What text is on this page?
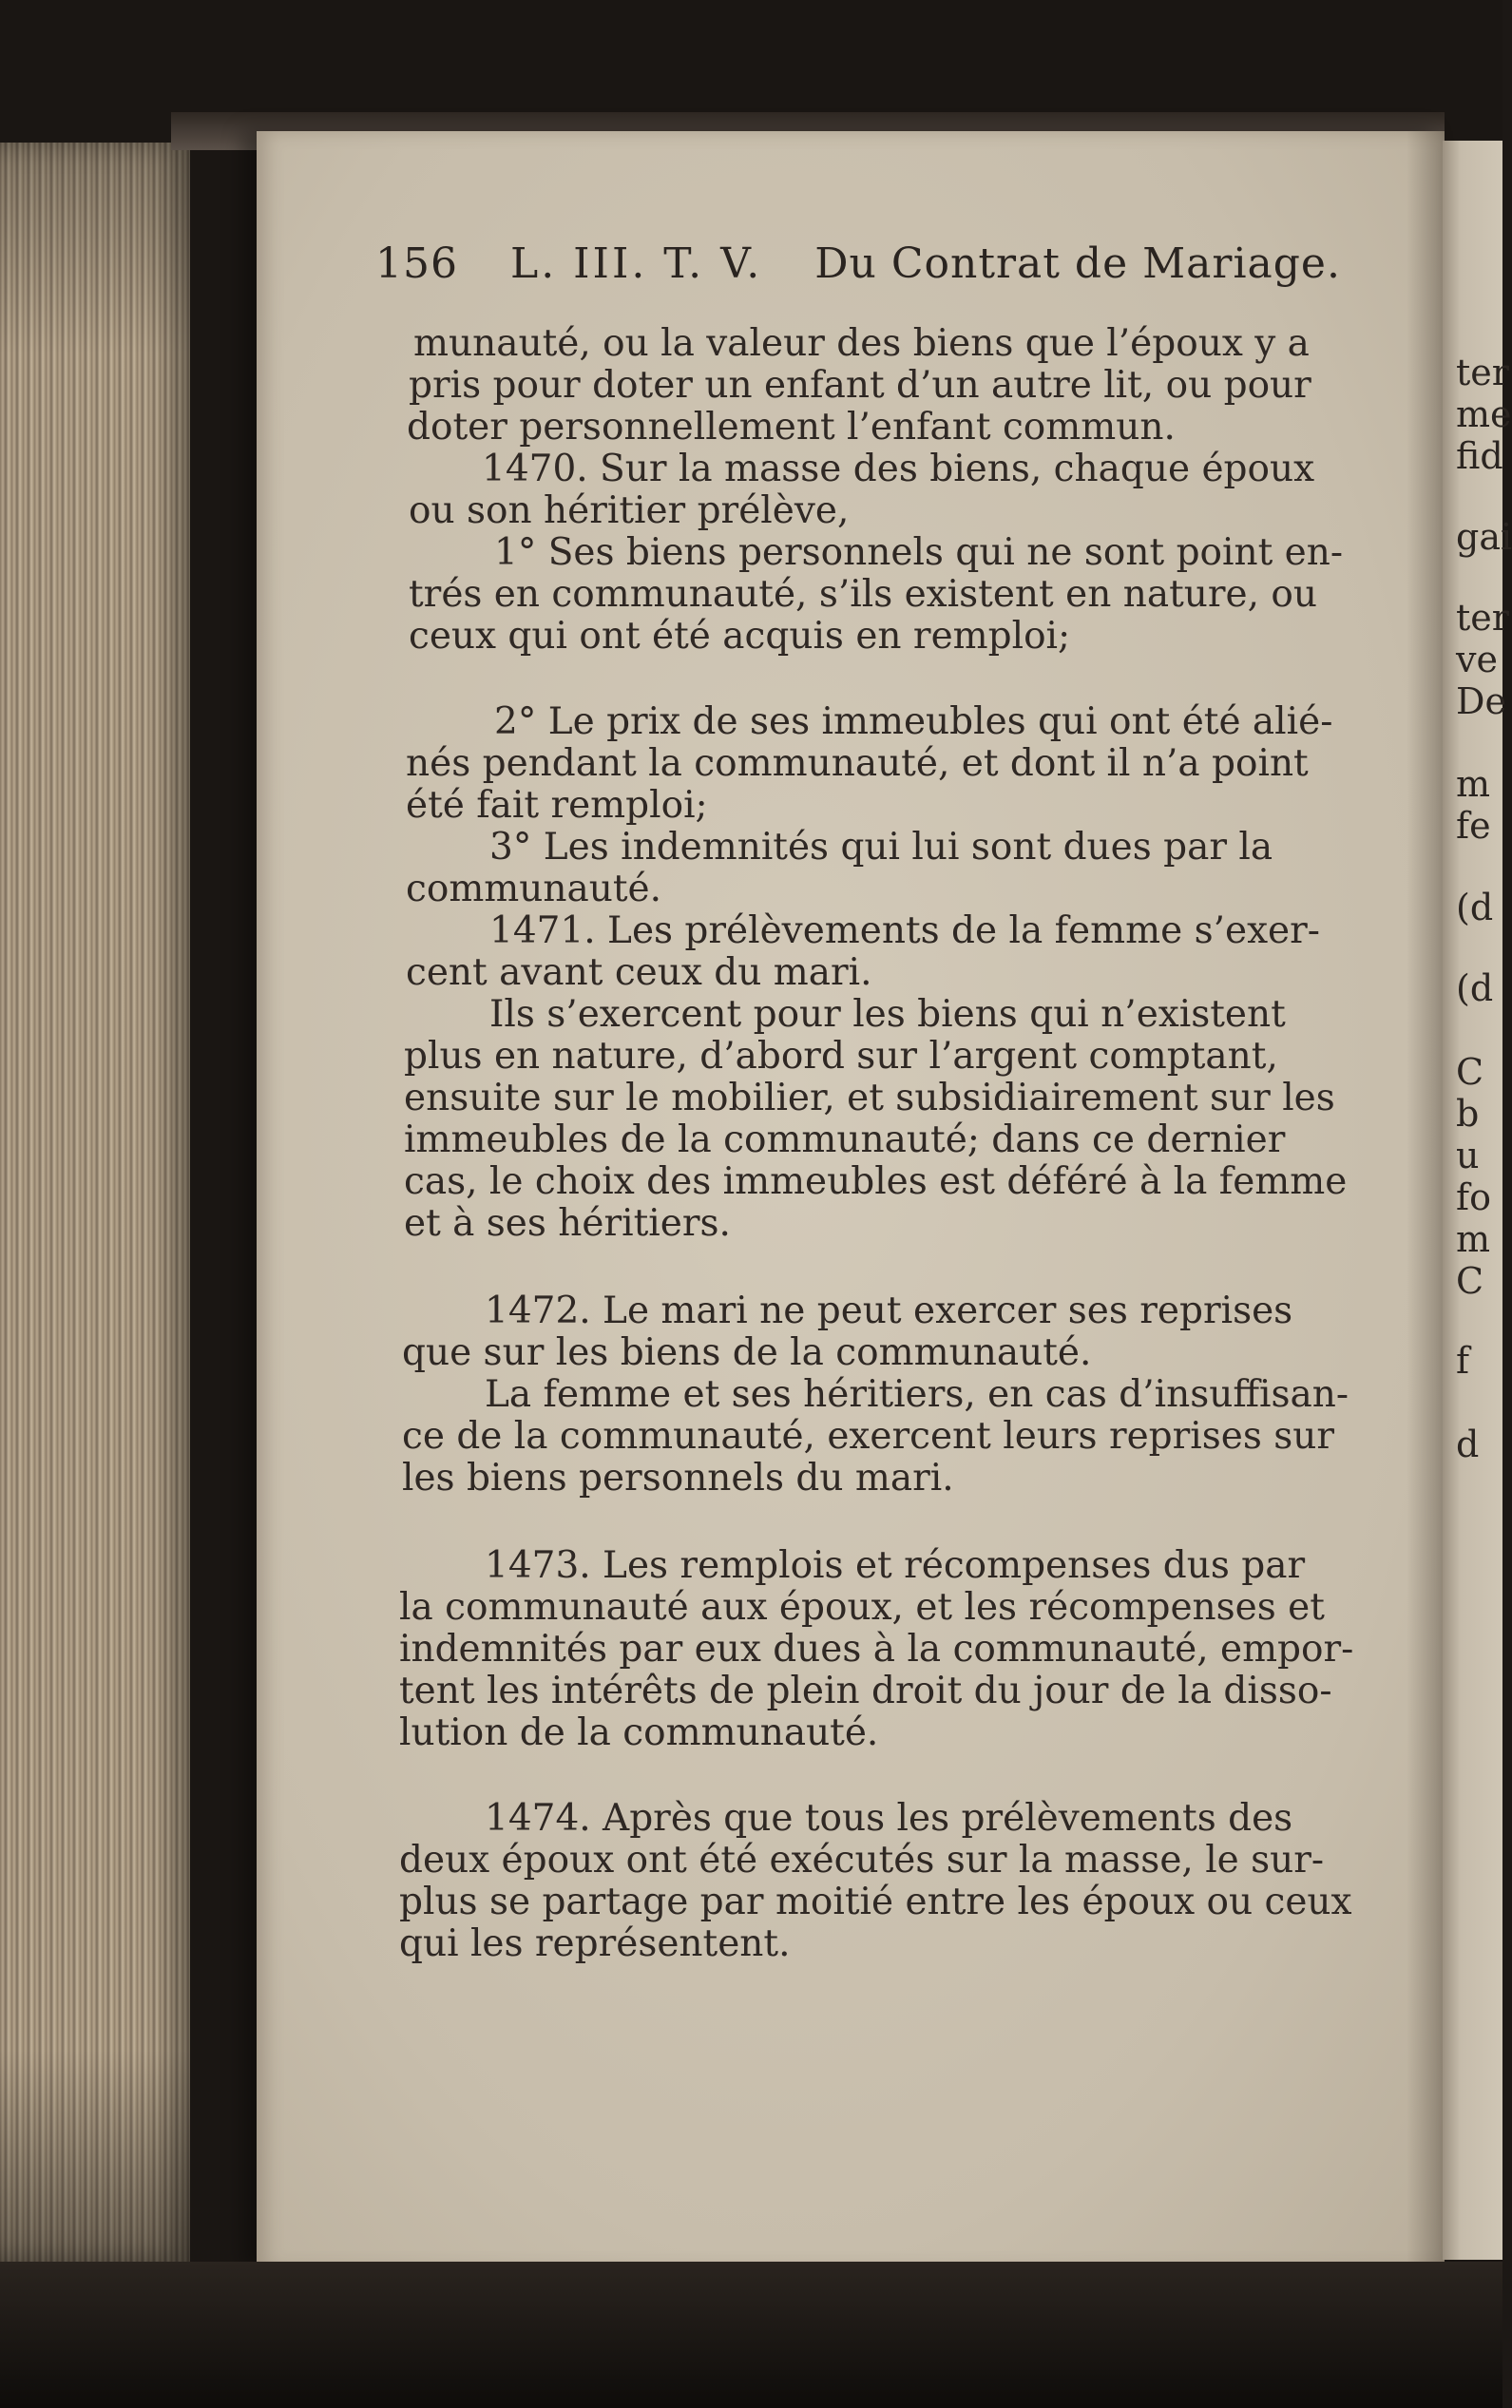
ter
me
fid
gai
ter
ve
De
m
fe
(d
(d
C
b
u
fo
m
C
f
d
156 L. III. T. V. Du Contrat de Mariage.
munauté, ou la valeur des biens que l’époux y a
pris pour doter un enfant d’un autre lit, ou pour
doter personnellement l’enfant commun.
1470. Sur la masse des biens, chaque époux
ou son héritier prélève,
1° Ses biens personnels qui ne sont point en-
trés en communauté, s’ils existent en nature, ou
ceux qui ont été acquis en remploi;
2° Le prix de ses immeubles qui ont été alié-
nés pendant la communauté, et dont il n’a point
été fait remploi;
3° Les indemnités qui lui sont dues par la
communauté.
1471. Les prélèvements de la femme s’exer-
cent avant ceux du mari.
Ils s’exercent pour les biens qui n’existent
plus en nature, d’abord sur l’argent comptant,
ensuite sur le mobilier, et subsidiairement sur les
immeubles de la communauté; dans ce dernier
cas, le choix des immeubles est déféré à la femme
et à ses héritiers.
1472. Le mari ne peut exercer ses reprises
que sur les biens de la communauté.
La femme et ses héritiers, en cas d’insuffisan-
ce de la communauté, exercent leurs reprises sur
les biens personnels du mari.
1473. Les remplois et récompenses dus par
la communauté aux époux, et les récompenses et
indemnités par eux dues à la communauté, empor-
tent les intérêts de plein droit du jour de la disso-
lution de la communauté.
1474. Après que tous les prélèvements des
deux époux ont été exécutés sur la masse, le sur-
plus se partage par moitié entre les époux ou ceux
qui les représentent.
